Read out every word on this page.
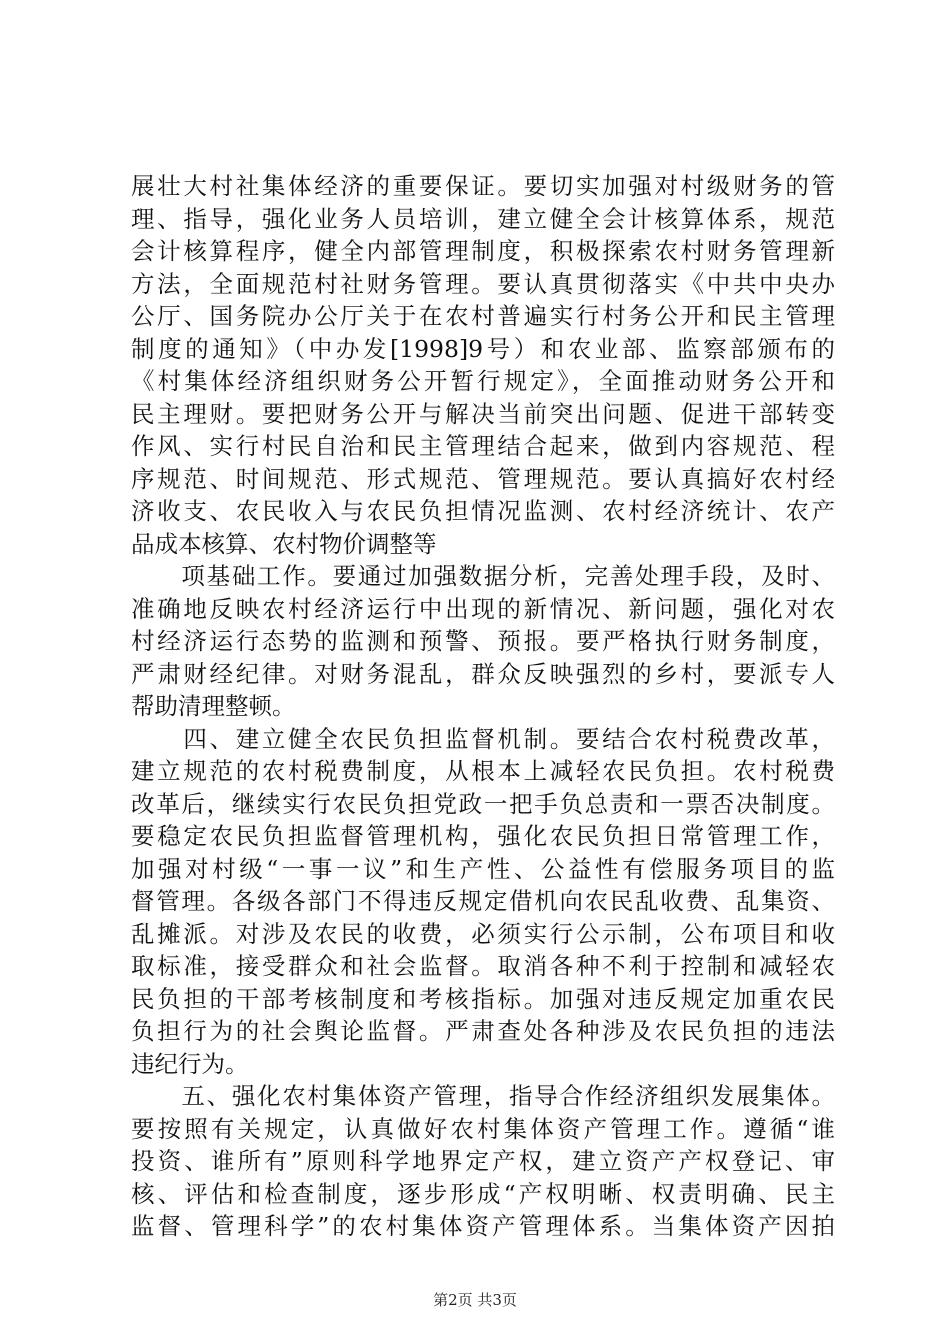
展壮大村社集体经济的重要保证。要切实加强对村级财务的管
理、指导，强化业务人员培训，建立健全会计核算体系，规范
会计核算程序，健全内部管理制度，积极探索农村财务管理新
方法，全面规范村社财务管理。要认真贯彻落实《中共中央办
公厅、国务院办公厅关于在农村普遍实行村务公开和民主管理
制度的通知》（中办发[1998]9号）和农业部、监察部颁布的
《村集体经济组织财务公开暂行规定》，全面推动财务公开和
民主理财。要把财务公开与解决当前突出问题、促进干部转变
作风、实行村民自治和民主管理结合起来，做到内容规范、程
序规范、时间规范、形式规范、管理规范。要认真搞好农村经
济收支、农民收入与农民负担情况监测、农村经济统计、农产
品成本核算、农村物价调整等
　　项基础工作。要通过加强数据分析，完善处理手段，及时、
准确地反映农村经济运行中出现的新情况、新问题，强化对农
村经济运行态势的监测和预警、预报。要严格执行财务制度，
严肃财经纪律。对财务混乱，群众反映强烈的乡村，要派专人
帮助清理整顿。
　　四、建立健全农民负担监督机制。要结合农村税费改革，
建立规范的农村税费制度，从根本上减轻农民负担。农村税费
改革后，继续实行农民负担党政一把手负总责和一票否决制度。
要稳定农民负担监督管理机构，强化农民负担日常管理工作，
加强对村级“一事一议”和生产性、公益性有偿服务项目的监
督管理。各级各部门不得违反规定借机向农民乱收费、乱集资、
乱摊派。对涉及农民的收费，必须实行公示制，公布项目和收
取标准，接受群众和社会监督。取消各种不利于控制和减轻农
民负担的干部考核制度和考核指标。加强对违反规定加重农民
负担行为的社会舆论监督。严肃查处各种涉及农民负担的违法
违纪行为。
　　五、强化农村集体资产管理，指导合作经济组织发展集体。
要按照有关规定，认真做好农村集体资产管理工作。遵循“谁
投资、谁所有”原则科学地界定产权，建立资产产权登记、审
核、评估和检查制度，逐步形成“产权明晰、权责明确、民主
监督、管理科学”的农村集体资产管理体系。当集体资产因拍
第2页 共3页
